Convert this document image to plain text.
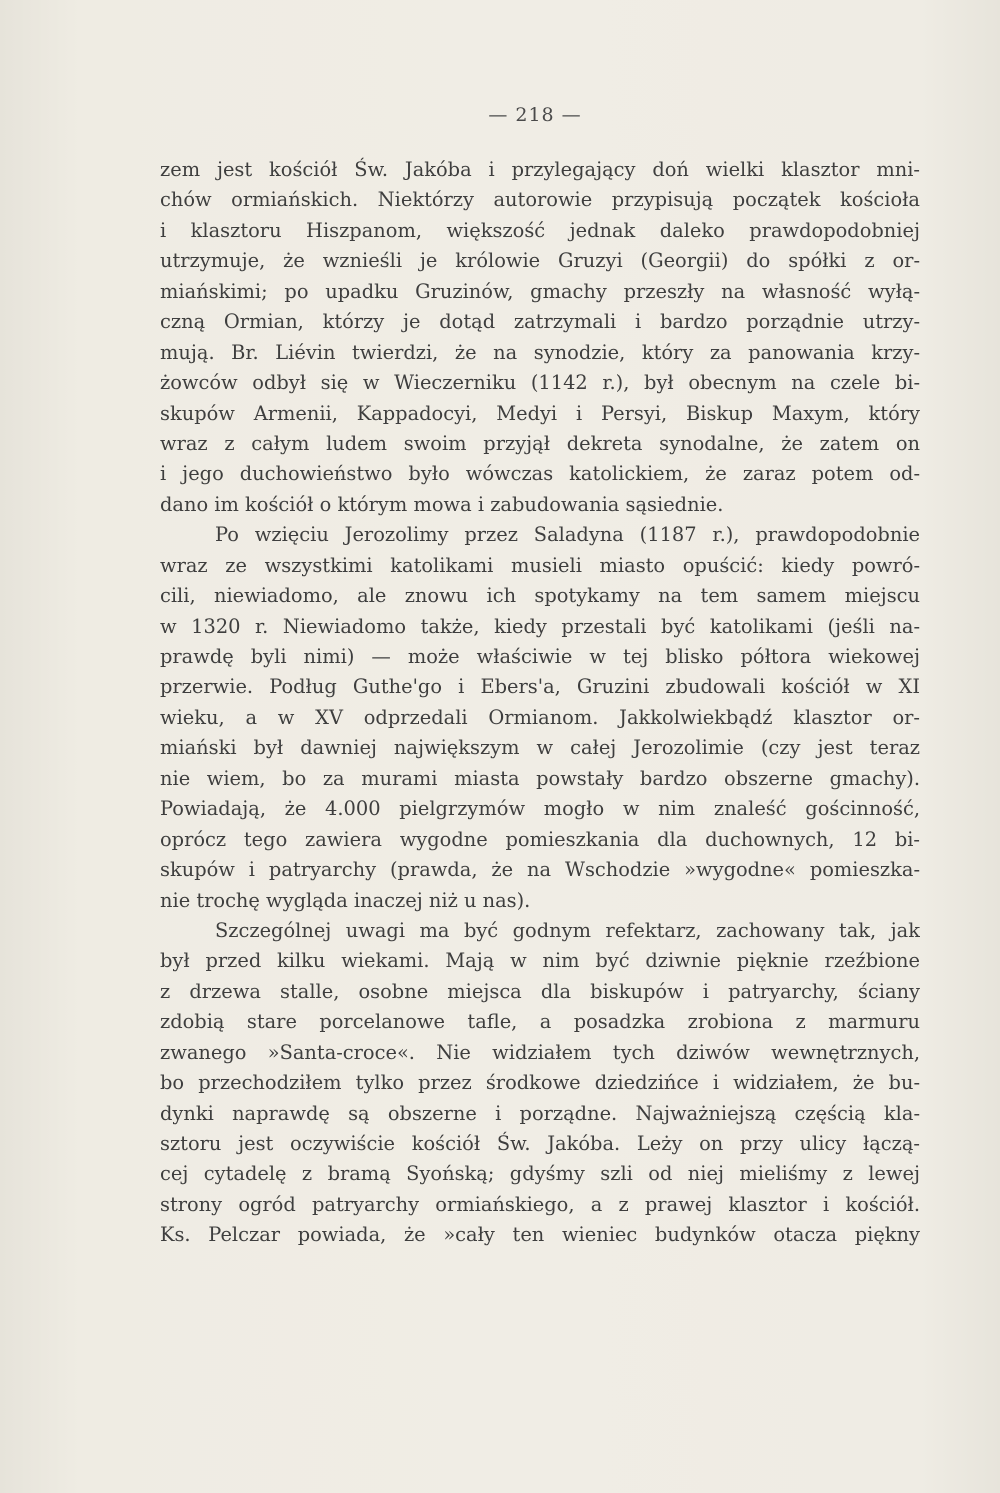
— 218 —
zem jest kościół Św. Jakóba i przylegający doń wielki klasztor mni-
chów ormiańskich. Niektórzy autorowie przypisują początek kościoła
i klasztoru Hiszpanom, większość jednak daleko prawdopodobniej
utrzymuje, że wznieśli je królowie Gruzyi (Georgii) do spółki z or-
miańskimi; po upadku Gruzinów, gmachy przeszły na własność wyłą-
czną Ormian, którzy je dotąd zatrzymali i bardzo porządnie utrzy-
mują. Br. Liévin twierdzi, że na synodzie, który za panowania krzy-
żowców odbył się w Wieczerniku (1142 r.), był obecnym na czele bi-
skupów Armenii, Kappadocyi, Medyi i Persyi, Biskup Maxym, który
wraz z całym ludem swoim przyjął dekreta synodalne, że zatem on
i jego duchowieństwo było wówczas katolickiem, że zaraz potem od-
dano im kościół o którym mowa i zabudowania sąsiednie.
Po wzięciu Jerozolimy przez Saladyna (1187 r.), prawdopodobnie
wraz ze wszystkimi katolikami musieli miasto opuścić: kiedy powró-
cili, niewiadomo, ale znowu ich spotykamy na tem samem miejscu
w 1320 r. Niewiadomo także, kiedy przestali być katolikami (jeśli na-
prawdę byli nimi) — może właściwie w tej blisko półtora wiekowej
przerwie. Podług Guthe'go i Ebers'a, Gruzini zbudowali kościół w XI
wieku, a w XV odprzedali Ormianom. Jakkolwiekbądź klasztor or-
miański był dawniej największym w całej Jerozolimie (czy jest teraz
nie wiem, bo za murami miasta powstały bardzo obszerne gmachy).
Powiadają, że 4.000 pielgrzymów mogło w nim znaleść gościnność,
oprócz tego zawiera wygodne pomieszkania dla duchownych, 12 bi-
skupów i patryarchy (prawda, że na Wschodzie »wygodne« pomieszka-
nie trochę wygląda inaczej niż u nas).
Szczególnej uwagi ma być godnym refektarz, zachowany tak, jak
był przed kilku wiekami. Mają w nim być dziwnie pięknie rzeźbione
z drzewa stalle, osobne miejsca dla biskupów i patryarchy, ściany
zdobią stare porcelanowe tafle, a posadzka zrobiona z marmuru
zwanego »Santa-croce«. Nie widziałem tych dziwów wewnętrznych,
bo przechodziłem tylko przez środkowe dziedzińce i widziałem, że bu-
dynki naprawdę są obszerne i porządne. Najważniejszą częścią kla-
sztoru jest oczywiście kościół Św. Jakóba. Leży on przy ulicy łączą-
cej cytadelę z bramą Syońską; gdyśmy szli od niej mieliśmy z lewej
strony ogród patryarchy ormiańskiego, a z prawej klasztor i kościół.
Ks. Pelczar powiada, że »cały ten wieniec budynków otacza piękny
